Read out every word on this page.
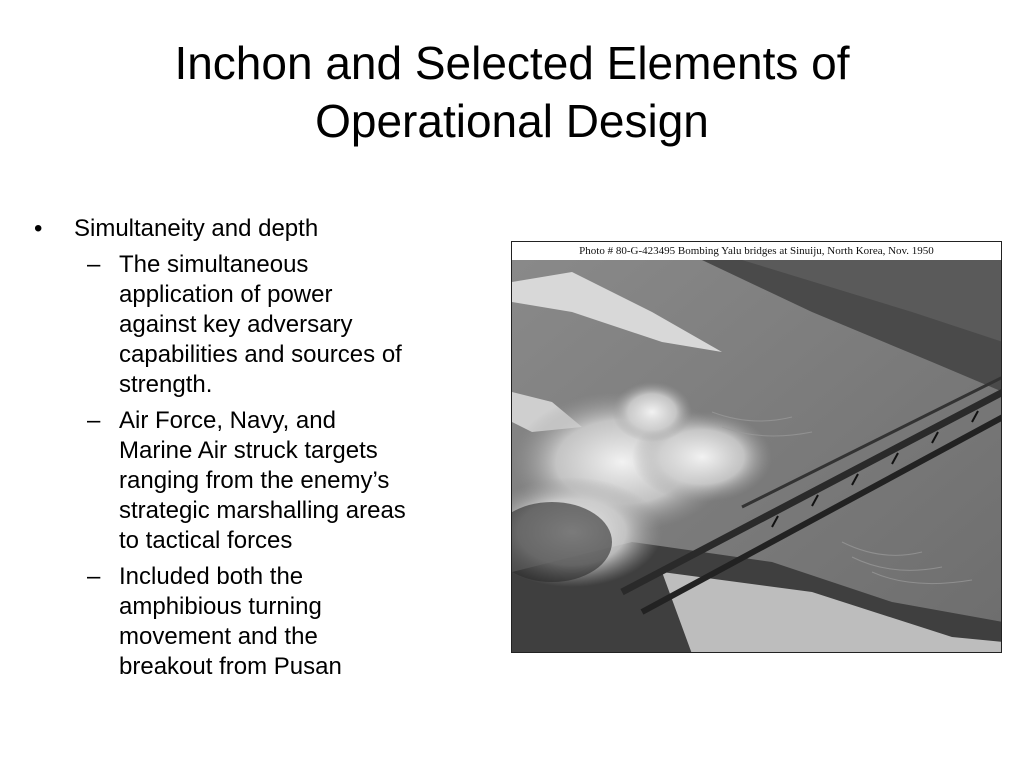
Inchon and Selected Elements of
Operational Design
•	Simultaneity and depth
– The simultaneous
application of power
against key adversary
capabilities and sources of
strength.
– Air Force, Navy, and
Marine Air struck targets
ranging from the enemy’s
strategic marshalling areas
to tactical forces
– Included both the
amphibious turning
movement and the
breakout from Pusan
Photo # 80-G-423495 Bombing Yalu bridges at Sinuiju, North Korea, Nov. 1950
